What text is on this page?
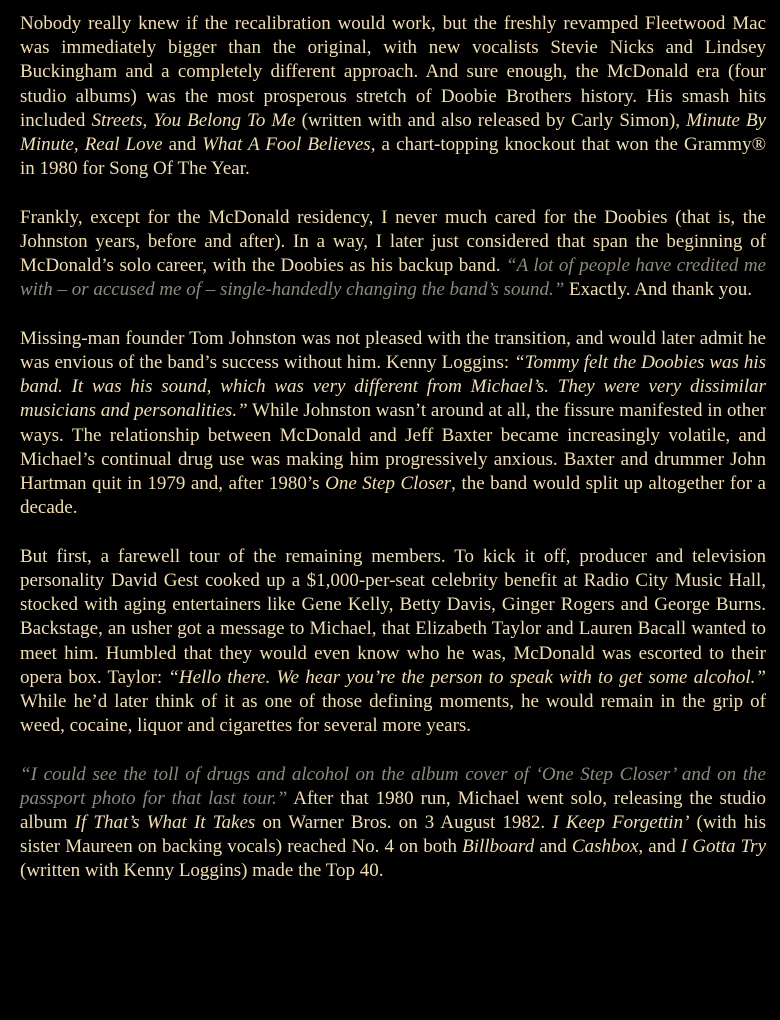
Nobody really knew if the recalibration would work, but the freshly revamped Fleetwood Mac was immediately bigger than the original, with new vocalists Stevie Nicks and Lindsey Buckingham and a completely different approach. And sure enough, the McDonald era (four studio albums) was the most prosperous stretch of Doobie Brothers history. His smash hits included Streets, You Belong To Me (written with and also released by Carly Simon), Minute By Minute, Real Love and What A Fool Believes, a chart-topping knockout that won the Grammy® in 1980 for Song Of The Year.

Frankly, except for the McDonald residency, I never much cared for the Doobies (that is, the Johnston years, before and after). In a way, I later just considered that span the beginning of McDonald’s solo career, with the Doobies as his backup band. “A lot of people have credited me with – or accused me of – single-handedly changing the band’s sound.” Exactly. And thank you.

Missing-man founder Tom Johnston was not pleased with the transition, and would later admit he was envious of the band’s success without him. Kenny Loggins: “Tommy felt the Doobies was his band. It was his sound, which was very different from Michael’s. They were very dissimilar musicians and personalities.” While Johnston wasn’t around at all, the fissure manifested in other ways. The relationship between McDonald and Jeff Baxter became increasingly volatile, and Michael’s continual drug use was making him progressively anxious. Baxter and drummer John Hartman quit in 1979 and, after 1980’s One Step Closer, the band would split up altogether for a decade.

But first, a farewell tour of the remaining members. To kick it off, producer and television personality David Gest cooked up a $1,000-per-seat celebrity benefit at Radio City Music Hall, stocked with aging entertainers like Gene Kelly, Betty Davis, Ginger Rogers and George Burns. Backstage, an usher got a message to Michael, that Elizabeth Taylor and Lauren Bacall wanted to meet him. Humbled that they would even know who he was, McDonald was escorted to their opera box. Taylor: “Hello there. We hear you’re the person to speak with to get some alcohol.” While he’d later think of it as one of those defining moments, he would remain in the grip of weed, cocaine, liquor and cigarettes for several more years.

“I could see the toll of drugs and alcohol on the album cover of ‘One Step Closer’ and on the passport photo for that last tour.” After that 1980 run, Michael went solo, releasing the studio album If That’s What It Takes on Warner Bros. on 3 August 1982. I Keep Forgettin’ (with his sister Maureen on backing vocals) reached No. 4 on both Billboard and Cashbox, and I Gotta Try (written with Kenny Loggins) made the Top 40.
